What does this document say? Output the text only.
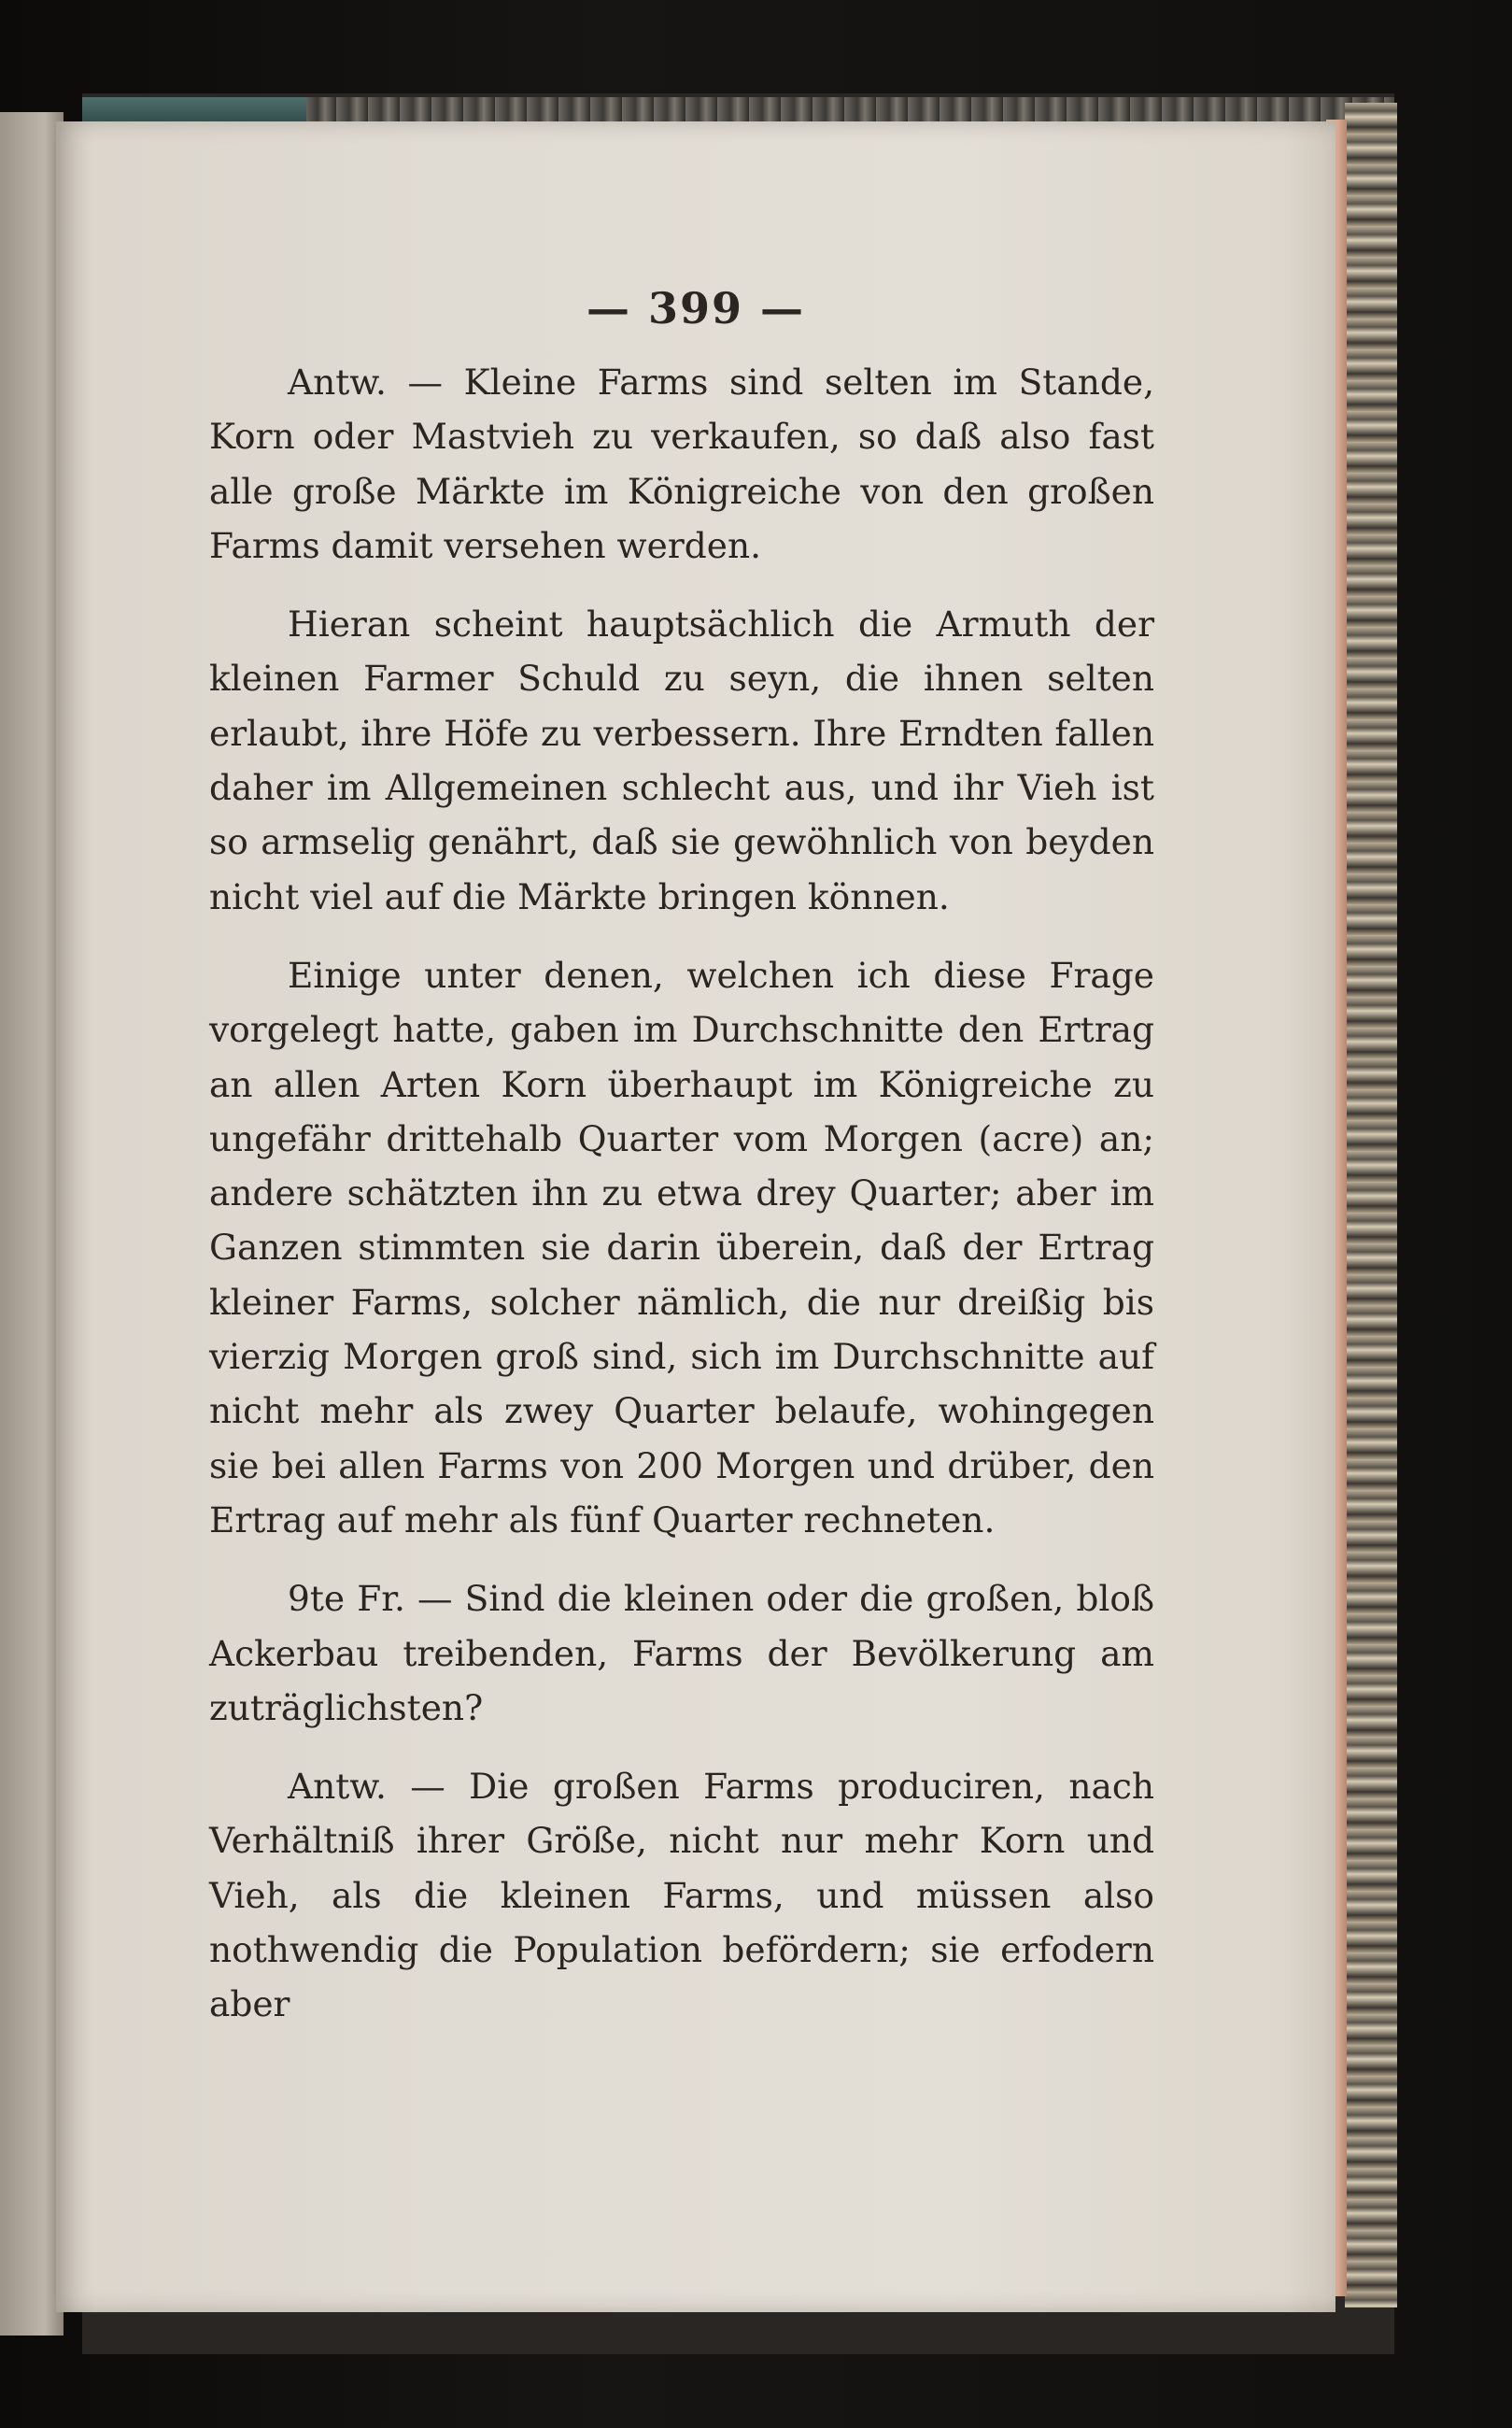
— 399 —

Antw. — Kleine Farms sind selten im Stande, Korn oder Mastvieh zu verkaufen, so daß also fast alle große Märkte im Königreiche von den großen Farms damit versehen werden.

Hieran scheint hauptsächlich die Armuth der kleinen Farmer Schuld zu seyn, die ihnen selten erlaubt, ihre Höfe zu verbessern. Ihre Erndten fallen daher im Allgemeinen schlecht aus, und ihr Vieh ist so armselig genährt, daß sie gewöhnlich von beyden nicht viel auf die Märkte bringen können.

Einige unter denen, welchen ich diese Frage vorgelegt hatte, gaben im Durchschnitte den Ertrag an allen Arten Korn überhaupt im Königreiche zu ungefähr drittehalb Quarter vom Morgen (acre) an; andere schätzten ihn zu etwa drey Quarter; aber im Ganzen stimmten sie darin überein, daß der Ertrag kleiner Farms, solcher nämlich, die nur dreißig bis vierzig Morgen groß sind, sich im Durchschnitte auf nicht mehr als zwey Quarter belaufe, wohingegen sie bei allen Farms von 200 Morgen und drüber, den Ertrag auf mehr als fünf Quarter rechneten.

9te Fr. — Sind die kleinen oder die großen, bloß Ackerbau treibenden, Farms der Bevölkerung am zuträglichsten?

Antw. — Die großen Farms produciren, nach Verhältniß ihrer Größe, nicht nur mehr Korn und Vieh, als die kleinen Farms, und müssen also nothwendig die Population befördern; sie erfodern aber
